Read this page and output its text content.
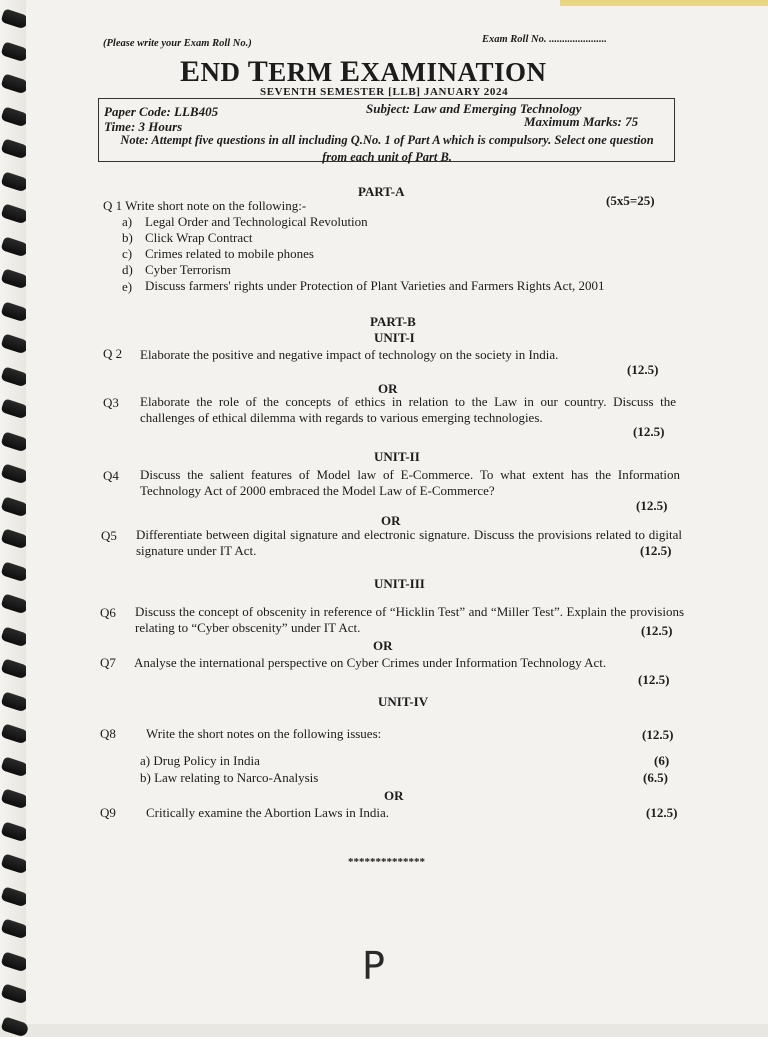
(Please write your Exam Roll No.)	Exam Roll No. ......................
END TERM EXAMINATION
SEVENTH SEMESTER [LLB] JANUARY 2024
Paper Code: LLB405	Subject: Law and Emerging Technology
Time: 3 Hours	Maximum Marks: 75
Note: Attempt five questions in all including Q.No. 1 of Part A which is compulsory. Select one question from each unit of Part B.
PART-A
Q 1 Write short note on the following:-	(5x5=25)
a) Legal Order and Technological Revolution
b) Click Wrap Contract
c) Crimes related to mobile phones
d) Cyber Terrorism
e) Discuss farmers' rights under Protection of Plant Varieties and Farmers Rights Act, 2001
PART-B
UNIT-I
Q 2 Elaborate the positive and negative impact of technology on the society in India.
(12.5)
OR
Q3 Elaborate the role of the concepts of ethics in relation to the Law in our country. Discuss the challenges of ethical dilemma with regards to various emerging technologies.
(12.5)
UNIT-II
Q4 Discuss the salient features of Model law of E-Commerce. To what extent has the Information Technology Act of 2000 embraced the Model Law of E-Commerce?
(12.5)
OR
Q5 Differentiate between digital signature and electronic signature. Discuss the provisions related to digital signature under IT Act.	(12.5)
UNIT-III
Q6 Discuss the concept of obscenity in reference of “Hicklin Test” and “Miller Test”. Explain the provisions relating to “Cyber obscenity” under IT Act.	(12.5)
OR
Q7 Analyse the international perspective on Cyber Crimes under Information Technology Act.
(12.5)
UNIT-IV
Q8 Write the short notes on the following issues:	(12.5)
a) Drug Policy in India	(6)
b) Law relating to Narco-Analysis	(6.5)
OR
Q9 Critically examine the Abortion Laws in India.	(12.5)
**************
P
